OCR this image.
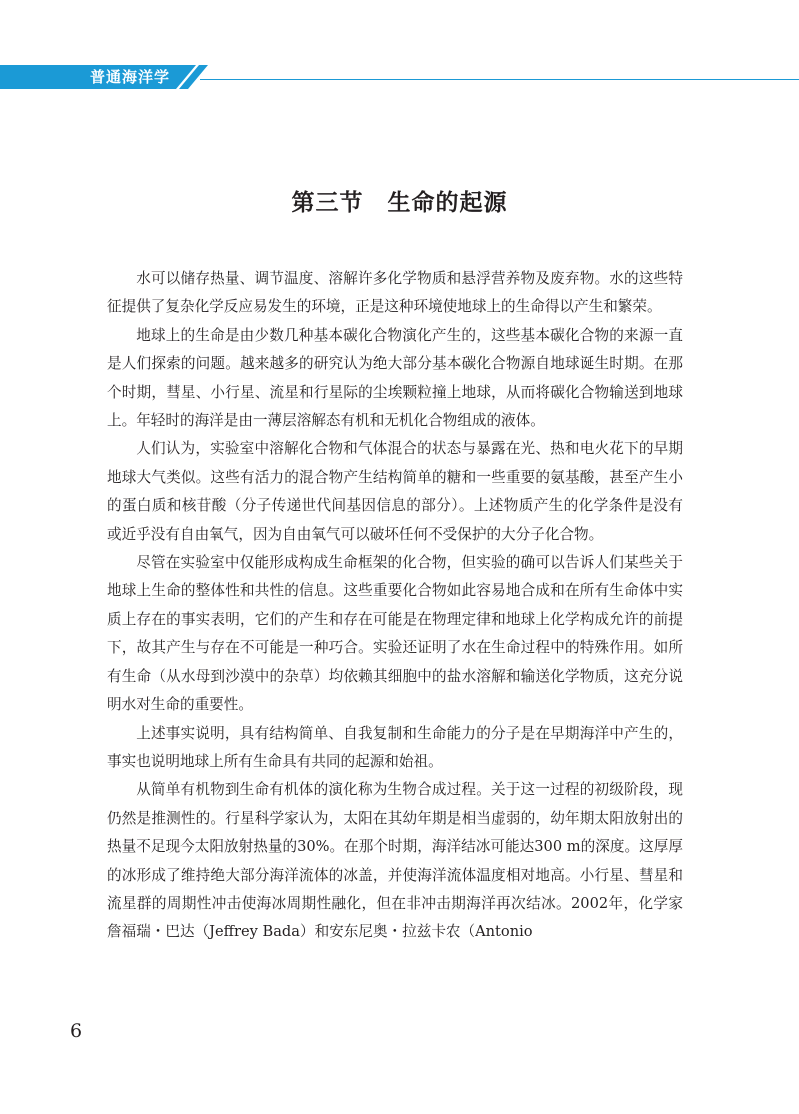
普通海洋学
第三节　生命的起源

水可以储存热量、调节温度、溶解许多化学物质和悬浮营养物及废弃物。水的这些特征提供了复杂化学反应易发生的环境，正是这种环境使地球上的生命得以产生和繁荣。

地球上的生命是由少数几种基本碳化合物演化产生的，这些基本碳化合物的来源一直是人们探索的问题。越来越多的研究认为绝大部分基本碳化合物源自地球诞生时期。在那个时期，彗星、小行星、流星和行星际的尘埃颗粒撞上地球，从而将碳化合物输送到地球上。年轻时的海洋是由一薄层溶解态有机和无机化合物组成的液体。

人们认为，实验室中溶解化合物和气体混合的状态与暴露在光、热和电火花下的早期地球大气类似。这些有活力的混合物产生结构简单的糖和一些重要的氨基酸，甚至产生小的蛋白质和核苷酸（分子传递世代间基因信息的部分）。上述物质产生的化学条件是没有或近乎没有自由氧气，因为自由氧气可以破坏任何不受保护的大分子化合物。

尽管在实验室中仅能形成构成生命框架的化合物，但实验的确可以告诉人们某些关于地球上生命的整体性和共性的信息。这些重要化合物如此容易地合成和在所有生命体中实质上存在的事实表明，它们的产生和存在可能是在物理定律和地球上化学构成允许的前提下，故其产生与存在不可能是一种巧合。实验还证明了水在生命过程中的特殊作用。如所有生命（从水母到沙漠中的杂草）均依赖其细胞中的盐水溶解和输送化学物质，这充分说明水对生命的重要性。

上述事实说明，具有结构简单、自我复制和生命能力的分子是在早期海洋中产生的，事实也说明地球上所有生命具有共同的起源和始祖。

从简单有机物到生命有机体的演化称为生物合成过程。关于这一过程的初级阶段，现仍然是推测性的。行星科学家认为，太阳在其幼年期是相当虚弱的，幼年期太阳放射出的热量不足现今太阳放射热量的30%。在那个时期，海洋结冰可能达300 m的深度。这厚厚的冰形成了维持绝大部分海洋流体的冰盖，并使海洋流体温度相对地高。小行星、彗星和流星群的周期性冲击使海冰周期性融化，但在非冲击期海洋再次结冰。2002年，化学家詹福瑞・巴达（Jeffrey Bada）和安东尼奥・拉兹卡农（Antonio

6
